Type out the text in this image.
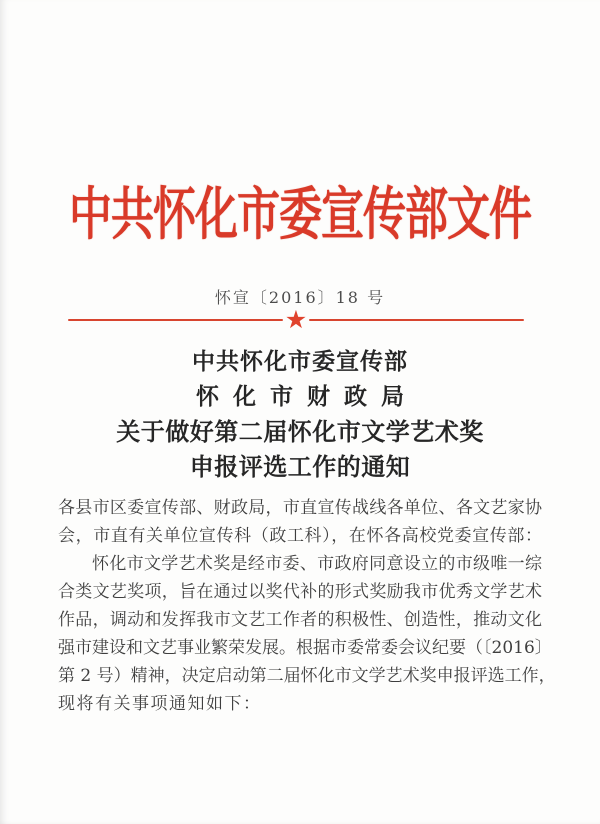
中共怀化市委宣传部文件
怀宣〔2016〕18 号
★
中共怀化市委宣传部
怀化市财政局
关于做好第二届怀化市文学艺术奖
申报评选工作的通知
各县市区委宣传部、财政局，市直宣传战线各单位、各文艺家协
会，市直有关单位宣传科（政工科），在怀各高校党委宣传部：
怀化市文学艺术奖是经市委、市政府同意设立的市级唯一综
合类文艺奖项，旨在通过以奖代补的形式奖励我市优秀文学艺术
作品，调动和发挥我市文艺工作者的积极性、创造性，推动文化
强市建设和文艺事业繁荣发展。根据市委常委会议纪要（〔2016〕
第 2 号）精神，决定启动第二届怀化市文学艺术奖申报评选工作，
现将有关事项通知如下：
